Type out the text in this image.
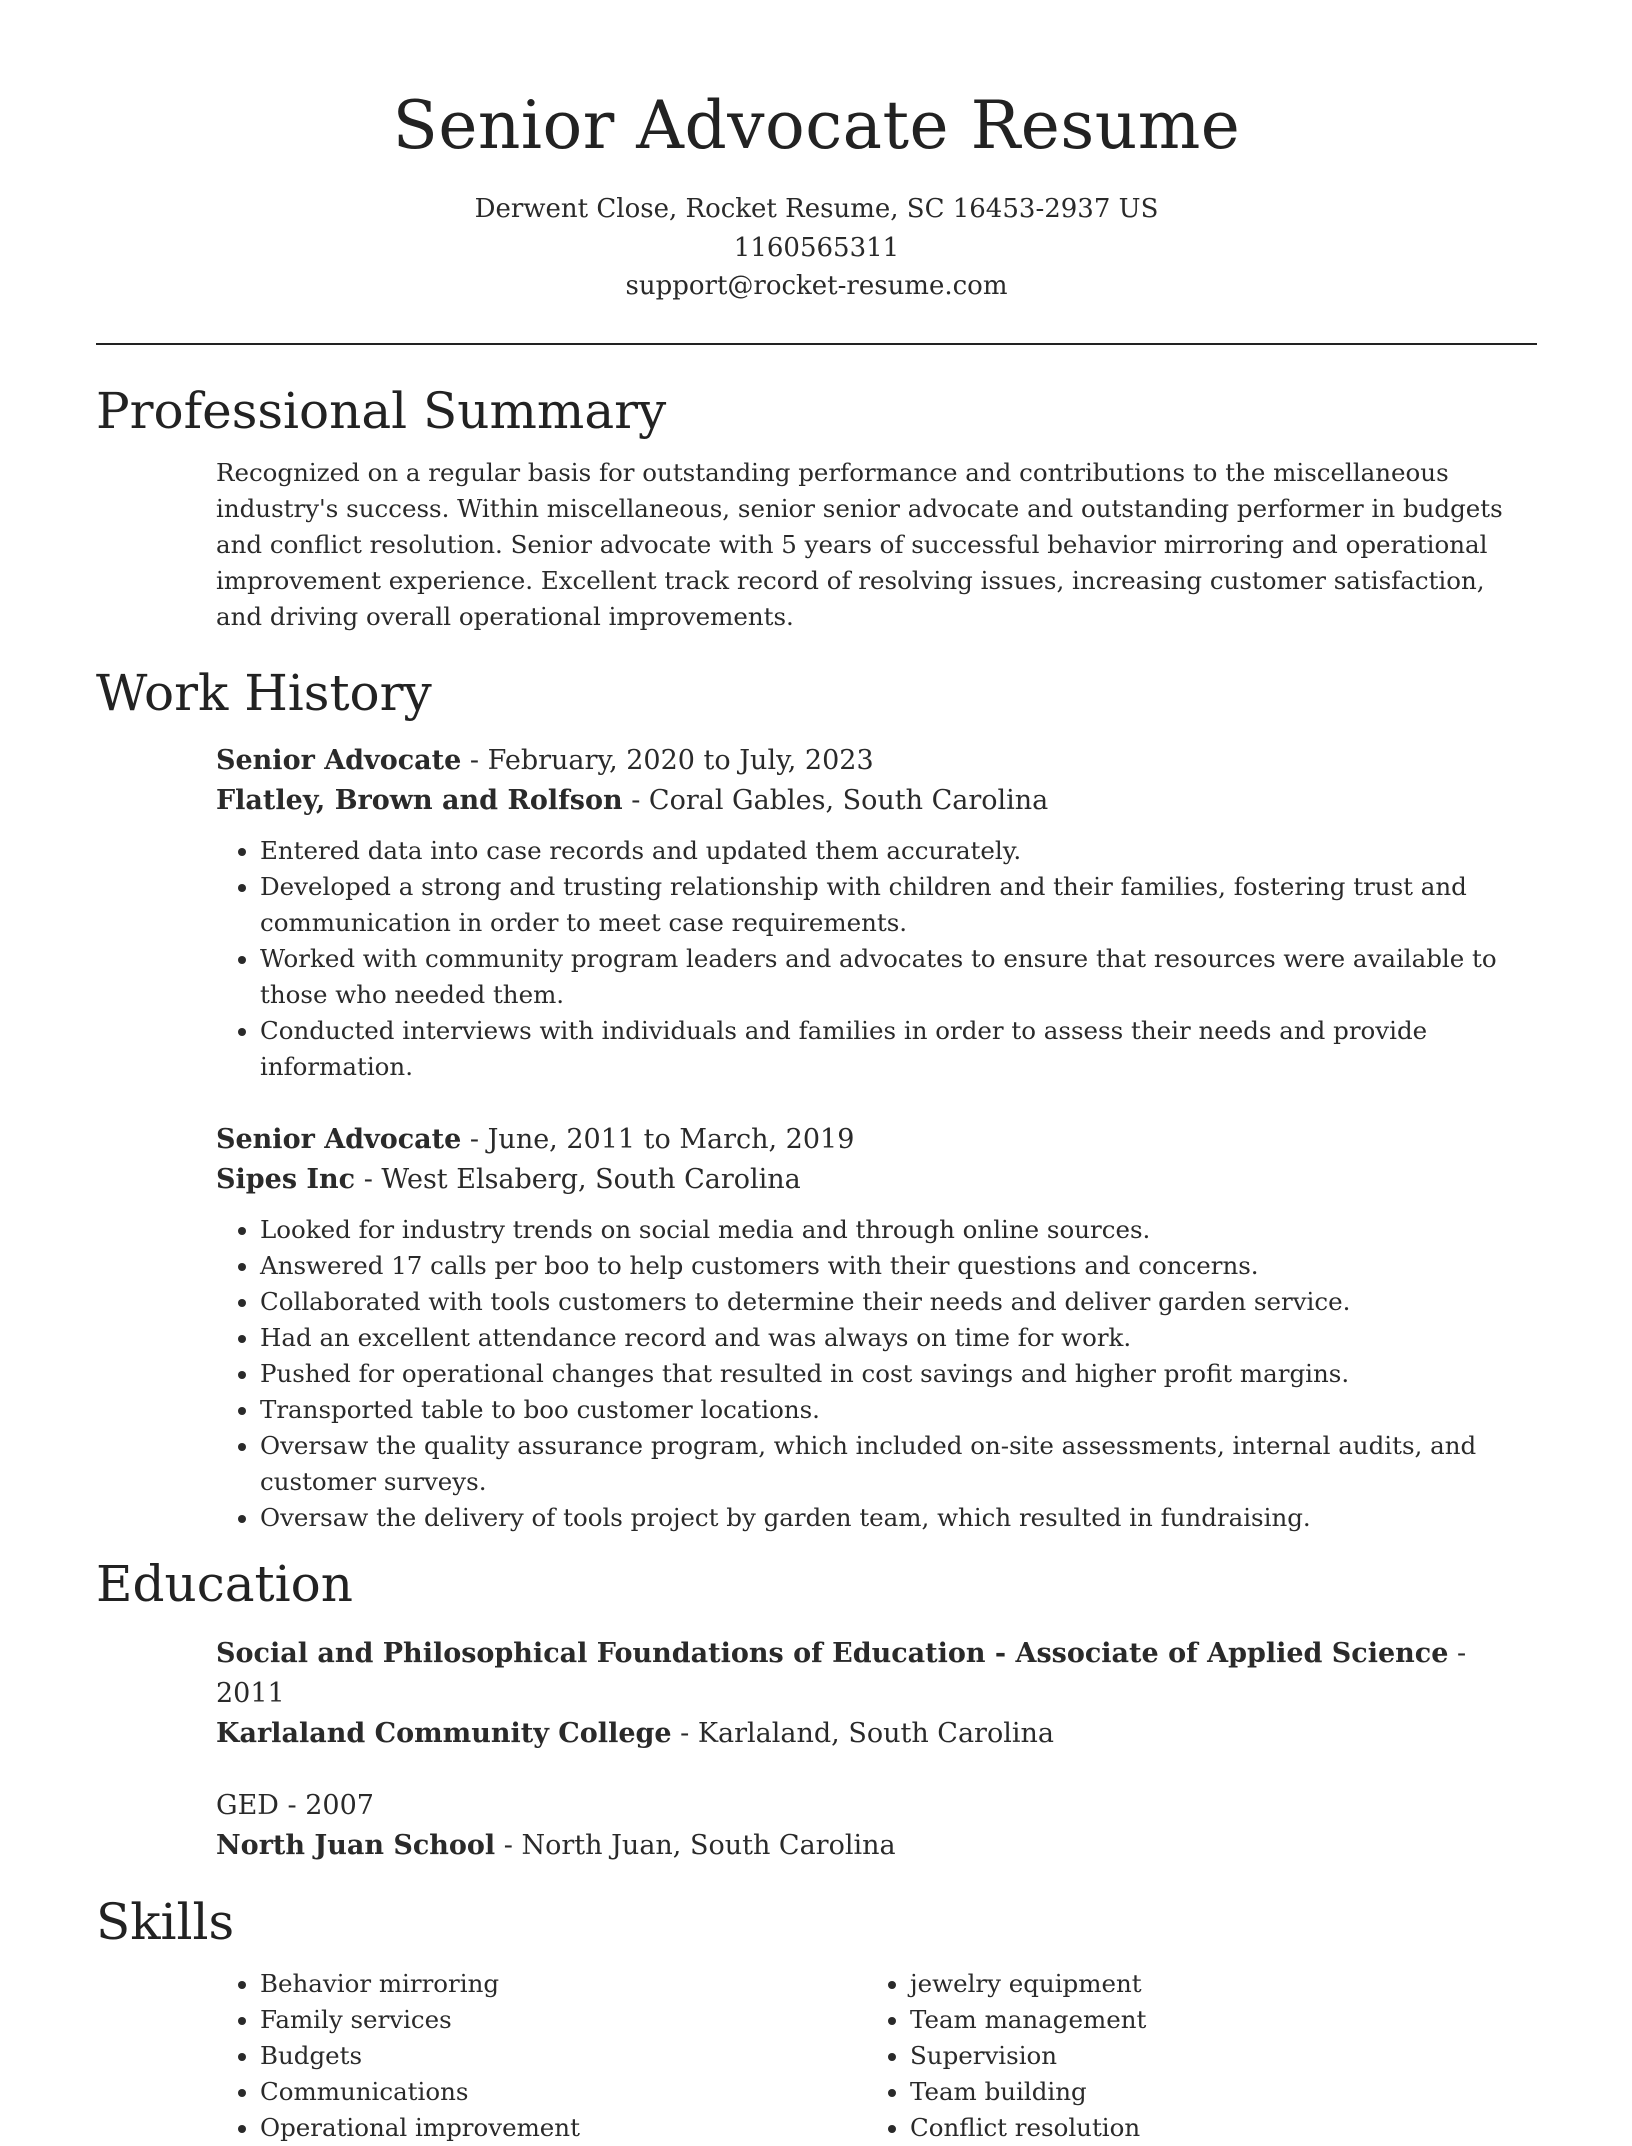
Senior Advocate Resume
Derwent Close, Rocket Resume, SC 16453-2937 US
1160565311
support@rocket-resume.com
Professional Summary
Recognized on a regular basis for outstanding performance and contributions to the miscellaneous industry's success. Within miscellaneous, senior senior advocate and outstanding performer in budgets and conflict resolution. Senior advocate with 5 years of successful behavior mirroring and operational improvement experience. Excellent track record of resolving issues, increasing customer satisfaction, and driving overall operational improvements.
Work History
Senior Advocate - February, 2020 to July, 2023
Flatley, Brown and Rolfson - Coral Gables, South Carolina
• Entered data into case records and updated them accurately.
• Developed a strong and trusting relationship with children and their families, fostering trust and communication in order to meet case requirements.
• Worked with community program leaders and advocates to ensure that resources were available to those who needed them.
• Conducted interviews with individuals and families in order to assess their needs and provide information.
Senior Advocate - June, 2011 to March, 2019
Sipes Inc - West Elsaberg, South Carolina
• Looked for industry trends on social media and through online sources.
• Answered 17 calls per boo to help customers with their questions and concerns.
• Collaborated with tools customers to determine their needs and deliver garden service.
• Had an excellent attendance record and was always on time for work.
• Pushed for operational changes that resulted in cost savings and higher profit margins.
• Transported table to boo customer locations.
• Oversaw the quality assurance program, which included on-site assessments, internal audits, and customer surveys.
• Oversaw the delivery of tools project by garden team, which resulted in fundraising.
Education
Social and Philosophical Foundations of Education - Associate of Applied Science - 2011
Karlaland Community College - Karlaland, South Carolina
GED - 2007
North Juan School - North Juan, South Carolina
Skills
• Behavior mirroring
• Family services
• Budgets
• Communications
• Operational improvement
• jewelry equipment
• Team management
• Supervision
• Team building
• Conflict resolution
